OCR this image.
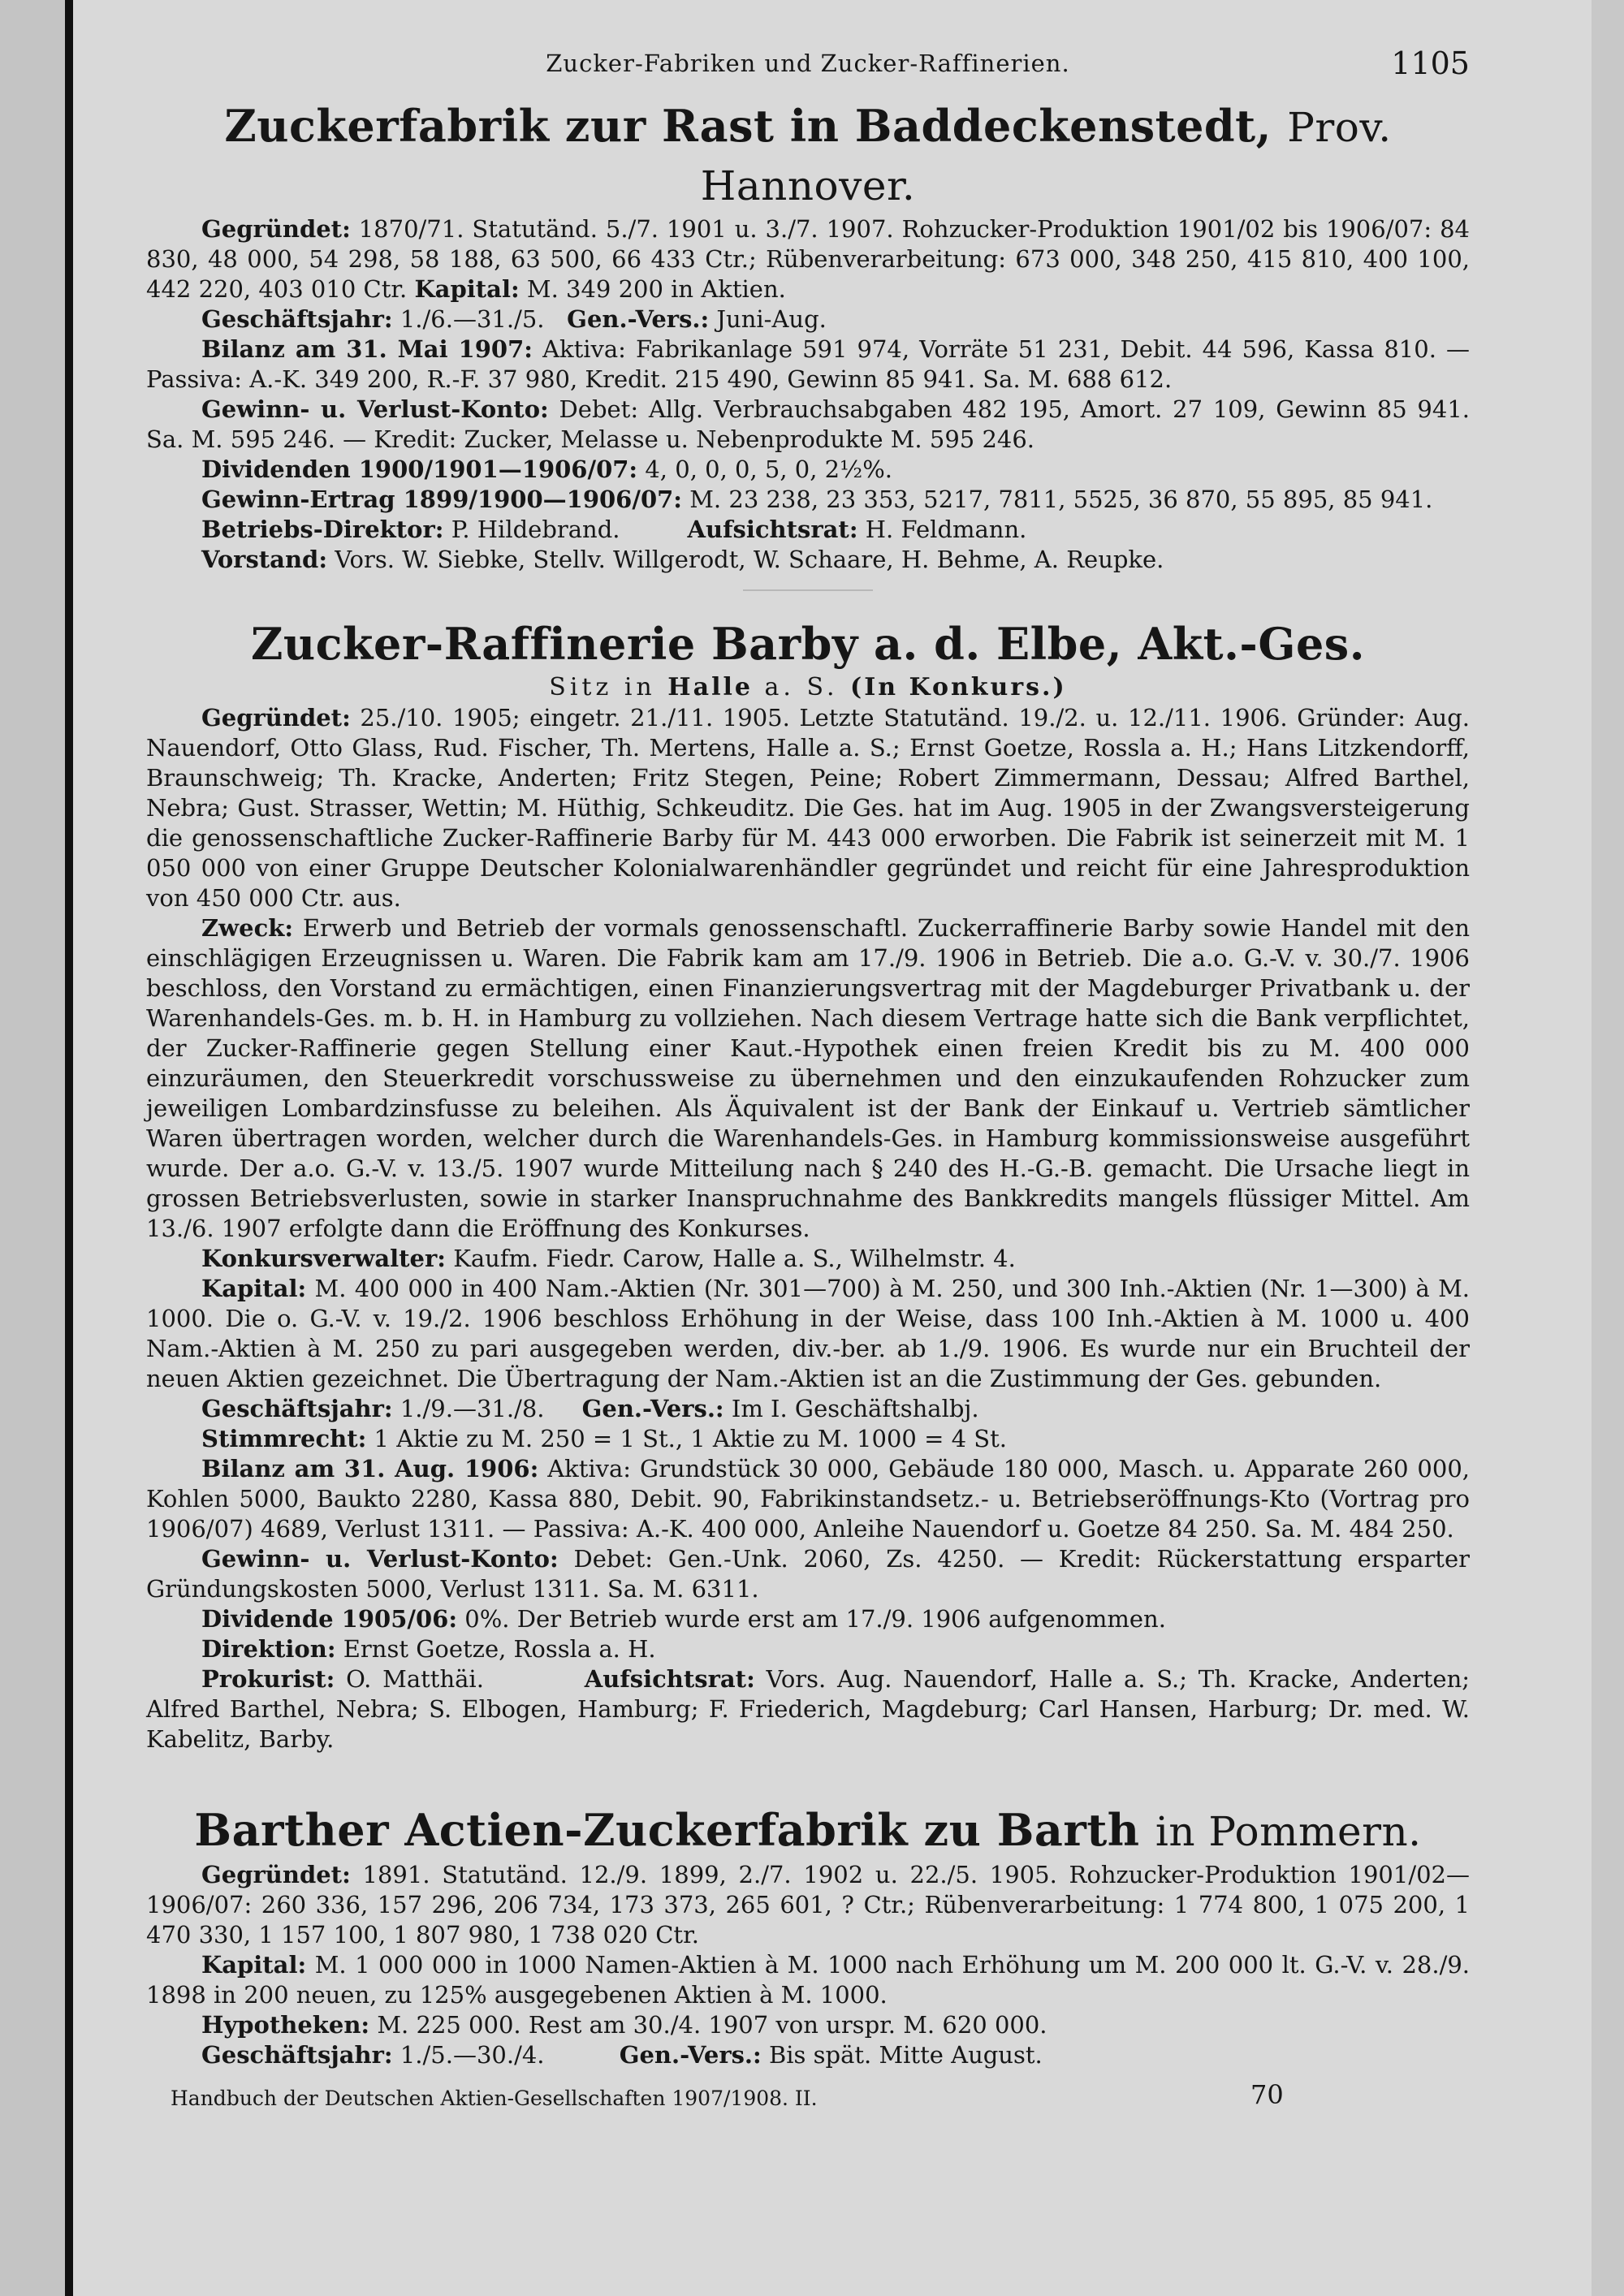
Zucker-Fabriken und Zucker-Raffinerien.	1105
Zuckerfabrik zur Rast in Baddeckenstedt, Prov. Hannover.

Gegründet: 1870/71. Statutänd. 5./7. 1901 u. 3./7. 1907. Rohzucker-Produktion 1901/02 bis 1906/07: 84 830, 48 000, 54 298, 58 188, 63 500, 66 433 Ctr.; Rübenverarbeitung: 673 000, 348 250, 415 810, 400 100, 442 220, 403 010 Ctr. Kapital: M. 349 200 in Aktien.

Geschäftsjahr: 1./6.—31./5. Gen.-Vers.: Juni-Aug.

Bilanz am 31. Mai 1907: Aktiva: Fabrikanlage 591 974, Vorräte 51 231, Debit. 44 596, Kassa 810. — Passiva: A.-K. 349 200, R.-F. 37 980, Kredit. 215 490, Gewinn 85 941. Sa. M. 688 612.

Gewinn- u. Verlust-Konto: Debet: Allg. Verbrauchsabgaben 482 195, Amort. 27 109, Gewinn 85 941. Sa. M. 595 246. — Kredit: Zucker, Melasse u. Nebenprodukte M. 595 246.

Dividenden 1900/1901—1906/07: 4, 0, 0, 0, 5, 0, 2½%.

Gewinn-Ertrag 1899/1900—1906/07: M. 23 238, 23 353, 5217, 7811, 5525, 36 870, 55 895, 85 941.

Betriebs-Direktor: P. Hildebrand.	Aufsichtsrat: H. Feldmann.

Vorstand: Vors. W. Siebke, Stellv. Willgerodt, W. Schaare, H. Behme, A. Reupke.

Zucker-Raffinerie Barby a. d. Elbe, Akt.-Ges.
Sitz in Halle a. S. (In Konkurs.)

Gegründet: 25./10. 1905; eingetr. 21./11. 1905. Letzte Statutänd. 19./2. u. 12./11. 1906. Gründer: Aug. Nauendorf, Otto Glass, Rud. Fischer, Th. Mertens, Halle a. S.; Ernst Goetze, Rossla a. H.; Hans Litzkendorff, Braunschweig; Th. Kracke, Anderten; Fritz Stegen, Peine; Robert Zimmermann, Dessau; Alfred Barthel, Nebra; Gust. Strasser, Wettin; M. Hüthig, Schkeuditz. Die Ges. hat im Aug. 1905 in der Zwangsversteigerung die genossenschaftliche Zucker-Raffinerie Barby für M. 443 000 erworben. Die Fabrik ist seinerzeit mit M. 1 050 000 von einer Gruppe Deutscher Kolonialwarenhändler gegründet und reicht für eine Jahresproduktion von 450 000 Ctr. aus.

Zweck: Erwerb und Betrieb der vormals genossenschaftl. Zuckerraffinerie Barby sowie Handel mit den einschlägigen Erzeugnissen u. Waren. Die Fabrik kam am 17./9. 1906 in Betrieb. Die a.o. G.-V. v. 30./7. 1906 beschloss, den Vorstand zu ermächtigen, einen Finanzierungsvertrag mit der Magdeburger Privatbank u. der Warenhandels-Ges. m. b. H. in Hamburg zu vollziehen. Nach diesem Vertrage hatte sich die Bank verpflichtet, der Zucker-Raffinerie gegen Stellung einer Kaut.-Hypothek einen freien Kredit bis zu M. 400 000 einzuräumen, den Steuerkredit vorschussweise zu übernehmen und den einzukaufenden Rohzucker zum jeweiligen Lombardzinsfusse zu beleihen. Als Äquivalent ist der Bank der Einkauf u. Vertrieb sämtlicher Waren übertragen worden, welcher durch die Warenhandels-Ges. in Hamburg kommissionsweise ausgeführt wurde. Der a.o. G.-V. v. 13./5. 1907 wurde Mitteilung nach § 240 des H.-G.-B. gemacht. Die Ursache liegt in grossen Betriebsverlusten, sowie in starker Inanspruchnahme des Bankkredits mangels flüssiger Mittel. Am 13./6. 1907 erfolgte dann die Eröffnung des Konkurses.

Konkursverwalter: Kaufm. Fiedr. Carow, Halle a. S., Wilhelmstr. 4.

Kapital: M. 400 000 in 400 Nam.-Aktien (Nr. 301—700) à M. 250, und 300 Inh.-Aktien (Nr. 1—300) à M. 1000. Die o. G.-V. v. 19./2. 1906 beschloss Erhöhung in der Weise, dass 100 Inh.-Aktien à M. 1000 u. 400 Nam.-Aktien à M. 250 zu pari ausgegeben werden, div.-ber. ab 1./9. 1906. Es wurde nur ein Bruchteil der neuen Aktien gezeichnet. Die Übertragung der Nam.-Aktien ist an die Zustimmung der Ges. gebunden.

Geschäftsjahr: 1./9.—31./8. Gen.-Vers.: Im I. Geschäftshalbj.

Stimmrecht: 1 Aktie zu M. 250 = 1 St., 1 Aktie zu M. 1000 = 4 St.

Bilanz am 31. Aug. 1906: Aktiva: Grundstück 30 000, Gebäude 180 000, Masch. u. Apparate 260 000, Kohlen 5000, Baukto 2280, Kassa 880, Debit. 90, Fabrikinstandsetz.- u. Betriebseröffnungs-Kto (Vortrag pro 1906/07) 4689, Verlust 1311. — Passiva: A.-K. 400 000, Anleihe Nauendorf u. Goetze 84 250. Sa. M. 484 250.

Gewinn- u. Verlust-Konto: Debet: Gen.-Unk. 2060, Zs. 4250. — Kredit: Rückerstattung ersparter Gründungskosten 5000, Verlust 1311. Sa. M. 6311.

Dividende 1905/06: 0%. Der Betrieb wurde erst am 17./9. 1906 aufgenommen.

Direktion: Ernst Goetze, Rossla a. H.

Prokurist: O. Matthäi.	Aufsichtsrat: Vors. Aug. Nauendorf, Halle a. S.; Th. Kracke, Anderten; Alfred Barthel, Nebra; S. Elbogen, Hamburg; F. Friederich, Magdeburg; Carl Hansen, Harburg; Dr. med. W. Kabelitz, Barby.

Barther Actien-Zuckerfabrik zu Barth in Pommern.

Gegründet: 1891. Statutänd. 12./9. 1899, 2./7. 1902 u. 22./5. 1905. Rohzucker-Produktion 1901/02—1906/07: 260 336, 157 296, 206 734, 173 373, 265 601, ? Ctr.; Rübenverarbeitung: 1 774 800, 1 075 200, 1 470 330, 1 157 100, 1 807 980, 1 738 020 Ctr.

Kapital: M. 1 000 000 in 1000 Namen-Aktien à M. 1000 nach Erhöhung um M. 200 000 lt. G.-V. v. 28./9. 1898 in 200 neuen, zu 125% ausgegebenen Aktien à M. 1000.

Hypotheken: M. 225 000. Rest am 30./4. 1907 von urspr. M. 620 000.

Geschäftsjahr: 1./5.—30./4.	Gen.-Vers.: Bis spät. Mitte August.

Handbuch der Deutschen Aktien-Gesellschaften 1907/1908. II.	70
